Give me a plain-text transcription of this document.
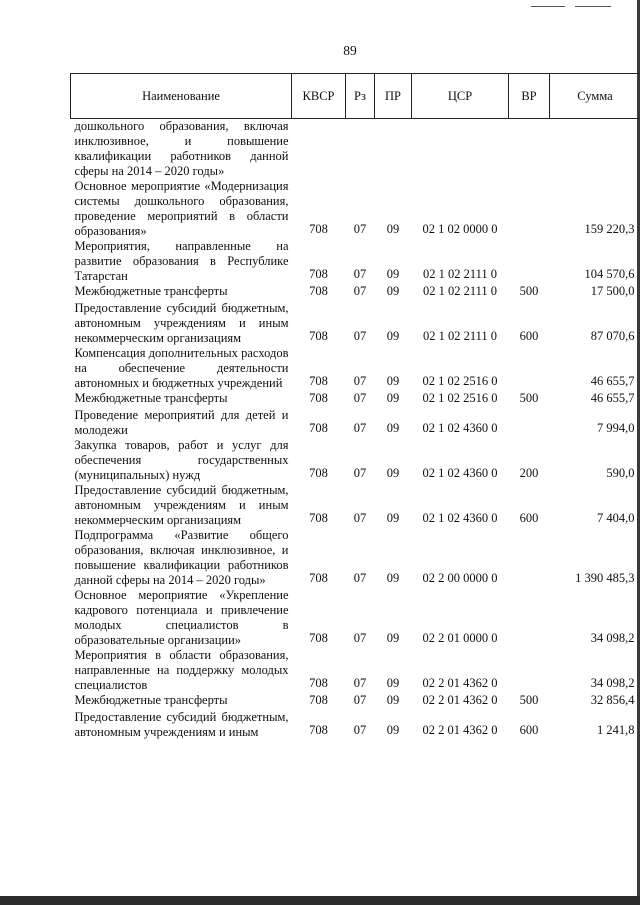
89
Наименование	КВСР	Рз	ПР	ЦСР	ВР	Сумма
дошкольного образования, включая инклюзивное, и повышение квалификации работников данной сферы на 2014 – 2020 годы»						
Основное мероприятие «Модернизация системы дошкольного образования, проведение мероприятий в области образования»	708	07	09	02 1 02 0000 0		159 220,3
Мероприятия, направленные на развитие образования в Республике Татарстан	708	07	09	02 1 02 2111 0		104 570,6
Межбюджетные трансферты	708	07	09	02 1 02 2111 0	500	17 500,0
Предоставление субсидий бюджетным, автономным учреждениям и иным некоммерческим организациям	708	07	09	02 1 02 2111 0	600	87 070,6
Компенсация дополнительных расходов на обеспечение деятельности автономных и бюджетных учреждений	708	07	09	02 1 02 2516 0		46 655,7
Межбюджетные трансферты	708	07	09	02 1 02 2516 0	500	46 655,7
Проведение мероприятий для детей и молодежи	708	07	09	02 1 02 4360 0		7 994,0
Закупка товаров, работ и услуг для обеспечения государственных (муниципальных) нужд	708	07	09	02 1 02 4360 0	200	590,0
Предоставление субсидий бюджетным, автономным учреждениям и иным некоммерческим организациям	708	07	09	02 1 02 4360 0	600	7 404,0
Подпрограмма «Развитие общего образования, включая инклюзивное, и повышение квалификации работников данной сферы на 2014 – 2020 годы»	708	07	09	02 2 00 0000 0		1 390 485,3
Основное мероприятие «Укрепление кадрового потенциала и привлечение молодых специалистов в образовательные организации»	708	07	09	02 2 01 0000 0		34 098,2
Мероприятия в области образования, направленные на поддержку молодых специалистов	708	07	09	02 2 01 4362 0		34 098,2
Межбюджетные трансферты	708	07	09	02 2 01 4362 0	500	32 856,4
Предоставление субсидий бюджетным, автономным учреждениям и иным	708	07	09	02 2 01 4362 0	600	1 241,8
